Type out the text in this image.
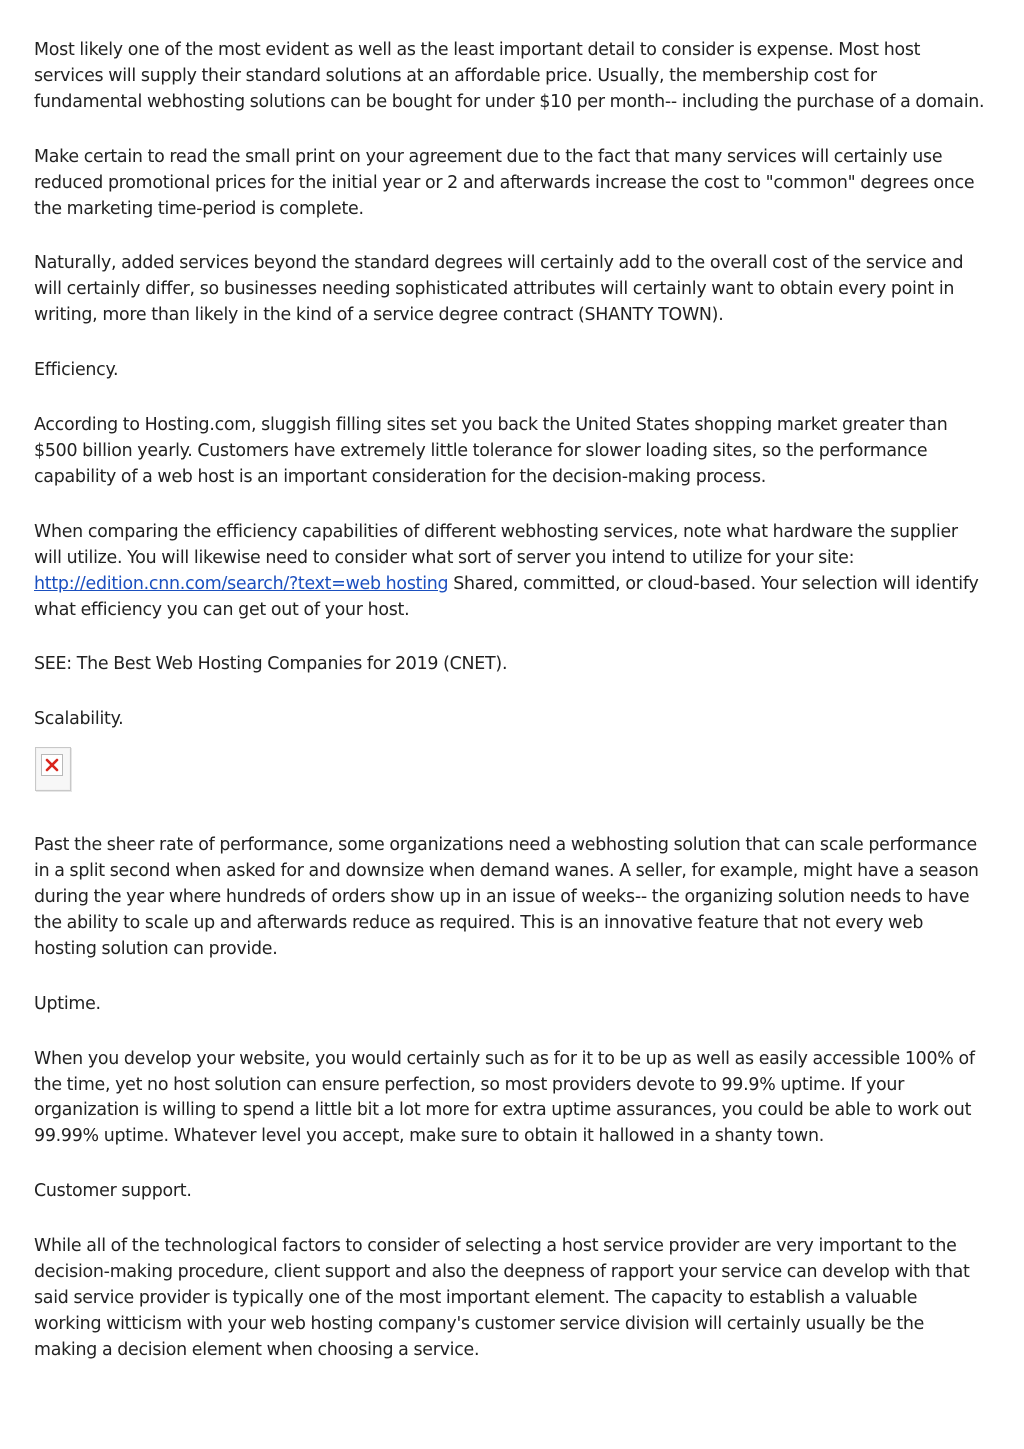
Most likely one of the most evident as well as the least important detail to consider is expense. Most host services will supply their standard solutions at an affordable price. Usually, the membership cost for fundamental webhosting solutions can be bought for under $10 per month-- including the purchase of a domain.

Make certain to read the small print on your agreement due to the fact that many services will certainly use reduced promotional prices for the initial year or 2 and afterwards increase the cost to "common" degrees once the marketing time-period is complete.

Naturally, added services beyond the standard degrees will certainly add to the overall cost of the service and will certainly differ, so businesses needing sophisticated attributes will certainly want to obtain every point in writing, more than likely in the kind of a service degree contract (SHANTY TOWN).

Efficiency.

According to Hosting.com, sluggish filling sites set you back the United States shopping market greater than $500 billion yearly. Customers have extremely little tolerance for slower loading sites, so the performance capability of a web host is an important consideration for the decision-making process.

When comparing the efficiency capabilities of different webhosting services, note what hardware the supplier will utilize. You will likewise need to consider what sort of server you intend to utilize for your site: http://edition.cnn.com/search/?text=web hosting Shared, committed, or cloud-based. Your selection will identify what efficiency you can get out of your host.

SEE: The Best Web Hosting Companies for 2019 (CNET).

Scalability.

Past the sheer rate of performance, some organizations need a webhosting solution that can scale performance in a split second when asked for and downsize when demand wanes. A seller, for example, might have a season during the year where hundreds of orders show up in an issue of weeks-- the organizing solution needs to have the ability to scale up and afterwards reduce as required. This is an innovative feature that not every web hosting solution can provide.

Uptime.

When you develop your website, you would certainly such as for it to be up as well as easily accessible 100% of the time, yet no host solution can ensure perfection, so most providers devote to 99.9% uptime. If your organization is willing to spend a little bit a lot more for extra uptime assurances, you could be able to work out 99.99% uptime. Whatever level you accept, make sure to obtain it hallowed in a shanty town.

Customer support.

While all of the technological factors to consider of selecting a host service provider are very important to the decision-making procedure, client support and also the deepness of rapport your service can develop with that said service provider is typically one of the most important element. The capacity to establish a valuable working witticism with your web hosting company's customer service division will certainly usually be the making a decision element when choosing a service.
